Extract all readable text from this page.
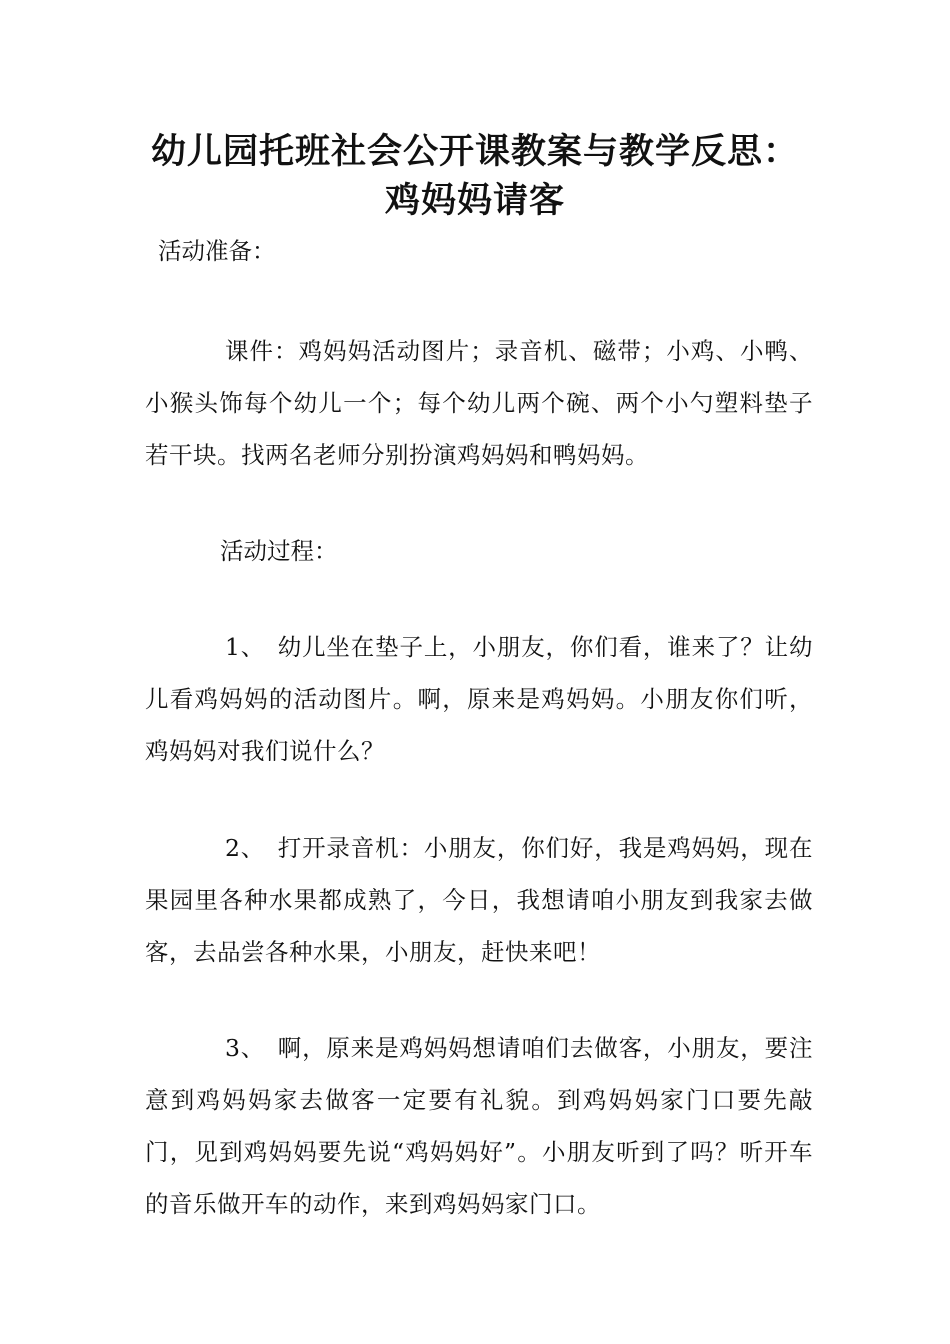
幼儿园托班社会公开课教案与教学反思：
鸡妈妈请客

活动准备：

课件：鸡妈妈活动图片；录音机、磁带；小鸡、小鸭、小猴头饰每个幼儿一个；每个幼儿两个碗、两个小勺塑料垫子若干块。找两名老师分别扮演鸡妈妈和鸭妈妈。

活动过程：

1、　幼儿坐在垫子上，小朋友，你们看，谁来了？让幼儿看鸡妈妈的活动图片。啊，原来是鸡妈妈。小朋友你们听，鸡妈妈对我们说什么？

2、　打开录音机：小朋友，你们好，我是鸡妈妈，现在果园里各种水果都成熟了，今日，我想请咱小朋友到我家去做客，去品尝各种水果，小朋友，赶快来吧！

3、　啊，原来是鸡妈妈想请咱们去做客，小朋友，要注意到鸡妈妈家去做客一定要有礼貌。到鸡妈妈家门口要先敲门，见到鸡妈妈要先说“鸡妈妈好”。小朋友听到了吗？听开车的音乐做开车的动作，来到鸡妈妈家门口。
